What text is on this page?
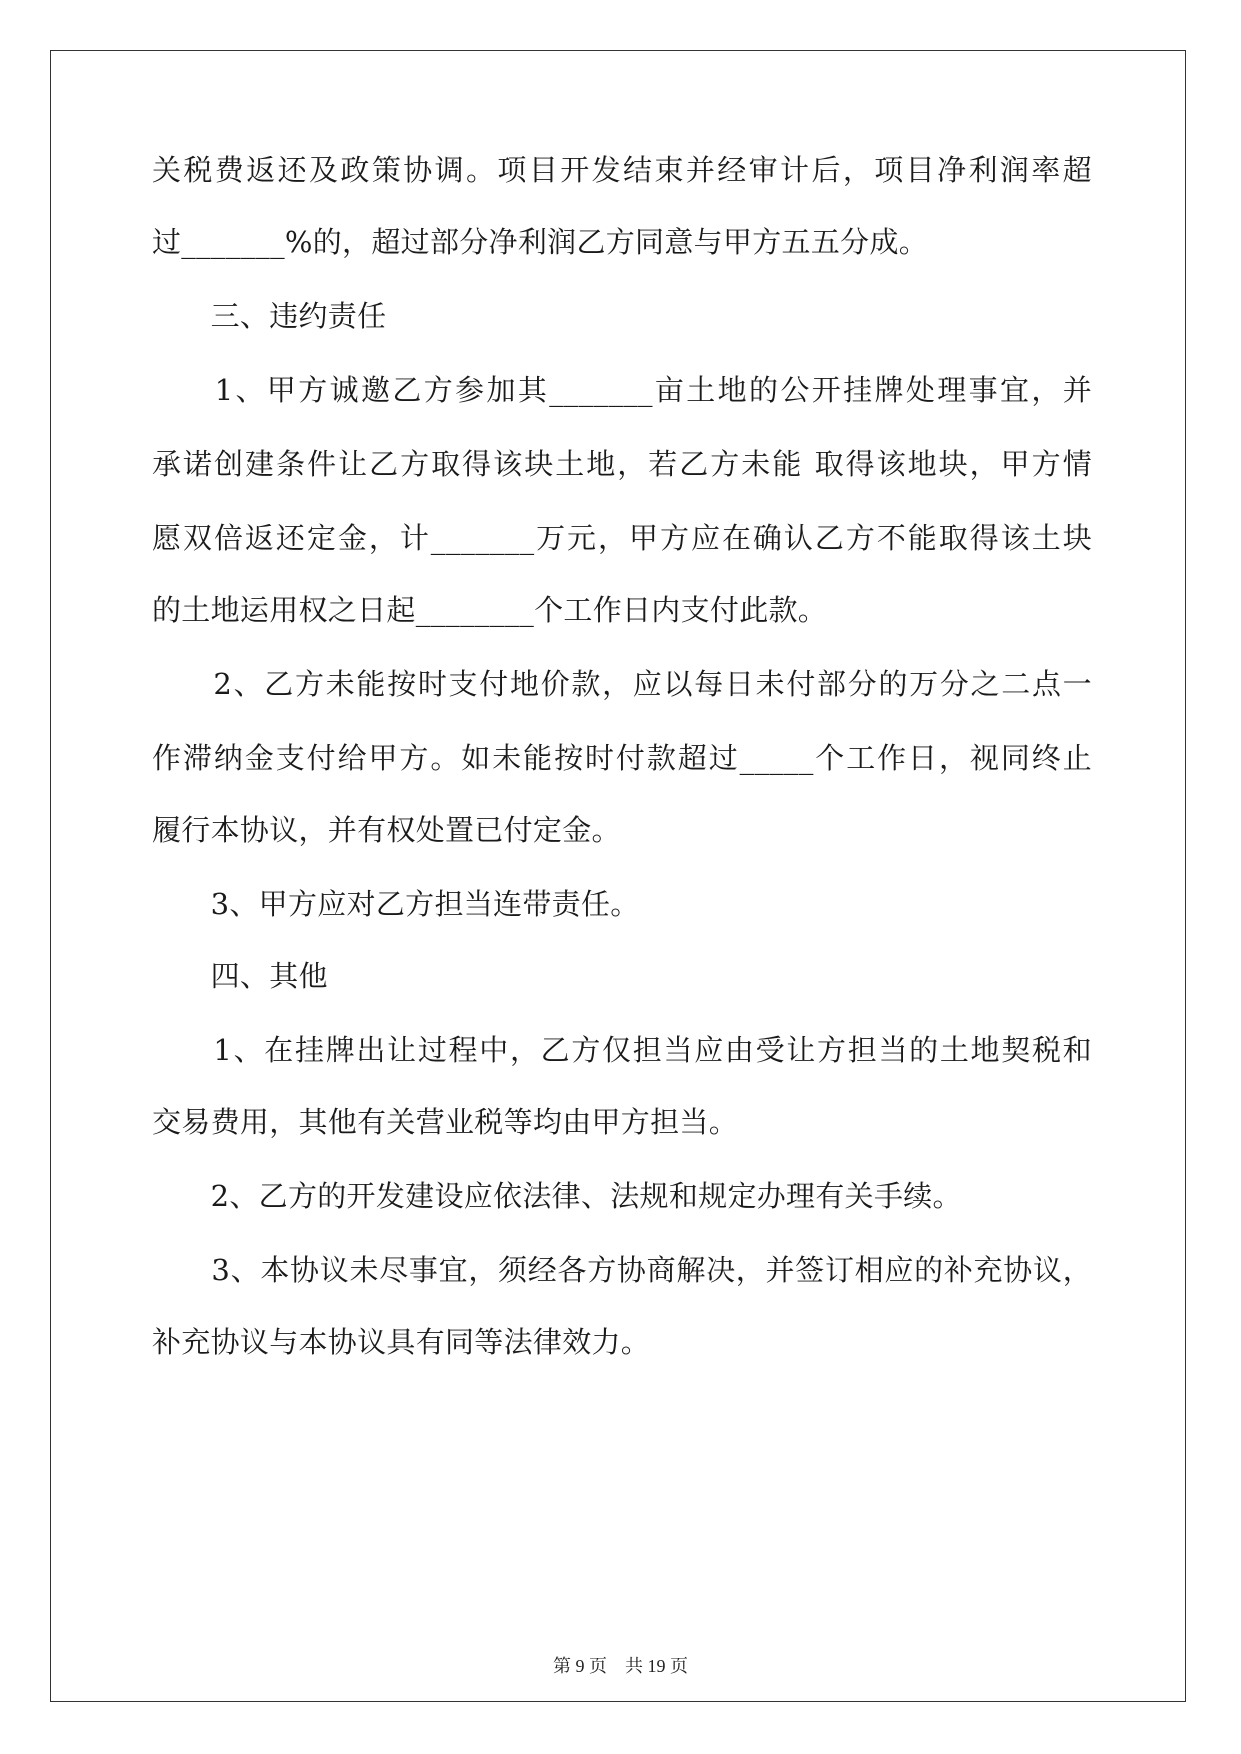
关税费返还及政策协调。项目开发结束并经审计后，项目净利润率超
过_______%的，超过部分净利润乙方同意与甲方五五分成。
　　三、违约责任
　　1、甲方诚邀乙方参加其_______亩土地的公开挂牌处理事宜，并
承诺创建条件让乙方取得该块土地，若乙方未能 取得该地块，甲方情
愿双倍返还定金，计_______万元，甲方应在确认乙方不能取得该土块
的土地运用权之日起________个工作日内支付此款。
　　2、乙方未能按时支付地价款，应以每日未付部分的万分之二点一
作滞纳金支付给甲方。如未能按时付款超过_____个工作日，视同终止
履行本协议，并有权处置已付定金。
　　3、甲方应对乙方担当连带责任。
　　四、其他
　　1、在挂牌出让过程中，乙方仅担当应由受让方担当的土地契税和
交易费用，其他有关营业税等均由甲方担当。
　　2、乙方的开发建设应依法律、法规和规定办理有关手续。
　　3、本协议未尽事宜，须经各方协商解决，并签订相应的补充协议，
补充协议与本协议具有同等法律效力。
第 9 页　共 19 页
